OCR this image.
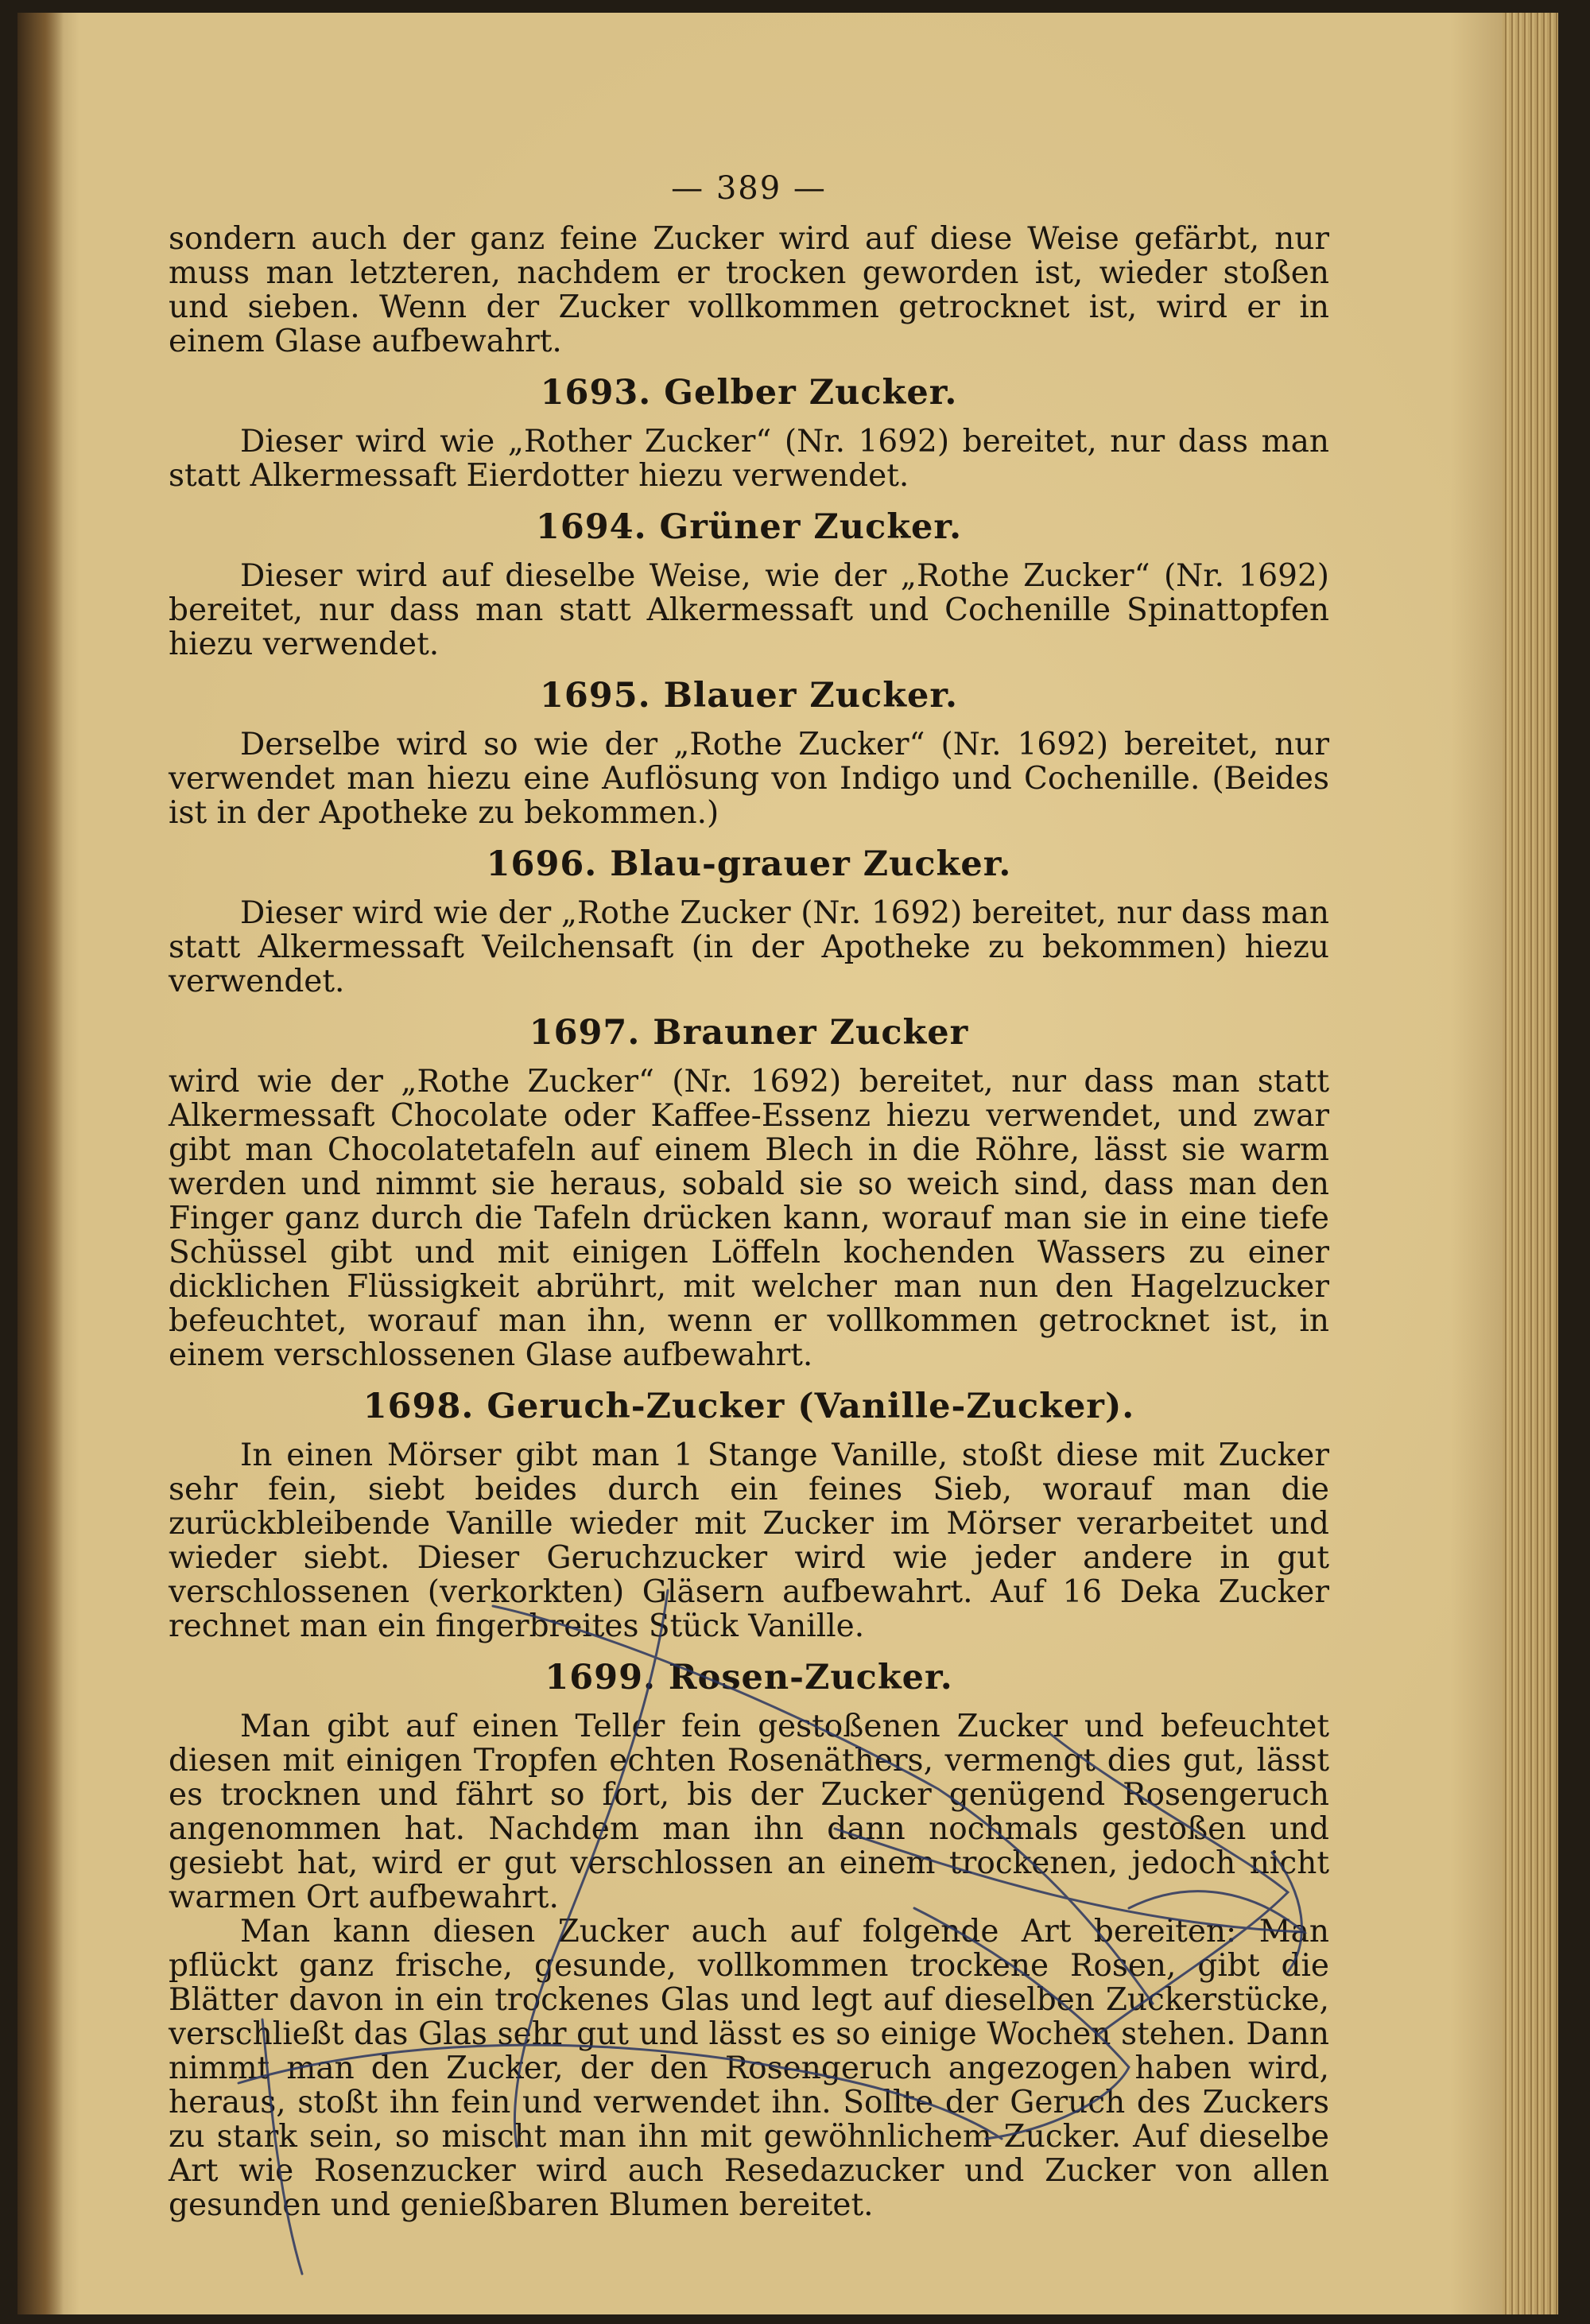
— 389 —

sondern auch der ganz feine Zucker wird auf diese Weise gefärbt, nur muss man letzteren, nachdem er trocken geworden ist, wieder stoßen und sieben. Wenn der Zucker vollkommen getrocknet ist, wird er in einem Glase aufbewahrt.

1693. Gelber Zucker.

Dieser wird wie „Rother Zucker“ (Nr. 1692) bereitet, nur dass man statt Alkermessaft Eierdotter hiezu verwendet.

1694. Grüner Zucker.

Dieser wird auf dieselbe Weise, wie der „Rothe Zucker“ (Nr. 1692) bereitet, nur dass man statt Alkermessaft und Cochenille Spinattopfen hiezu verwendet.

1695. Blauer Zucker.

Derselbe wird so wie der „Rothe Zucker“ (Nr. 1692) bereitet, nur verwendet man hiezu eine Auflösung von Indigo und Cochenille. (Beides ist in der Apotheke zu bekommen.)

1696. Blau-grauer Zucker.

Dieser wird wie der „Rothe Zucker (Nr. 1692) bereitet, nur dass man statt Alkermessaft Veilchensaft (in der Apotheke zu bekommen) hiezu verwendet.

1697. Brauner Zucker

wird wie der „Rothe Zucker“ (Nr. 1692) bereitet, nur dass man statt Alkermessaft Chocolate oder Kaffee-Essenz hiezu verwendet, und zwar gibt man Chocolatetafeln auf einem Blech in die Röhre, lässt sie warm werden und nimmt sie heraus, sobald sie so weich sind, dass man den Finger ganz durch die Tafeln drücken kann, worauf man sie in eine tiefe Schüssel gibt und mit einigen Löffeln kochenden Wassers zu einer dicklichen Flüssigkeit abrührt, mit welcher man nun den Hagelzucker befeuchtet, worauf man ihn, wenn er vollkommen getrocknet ist, in einem verschlossenen Glase aufbewahrt.

1698. Geruch-Zucker (Vanille-Zucker).

In einen Mörser gibt man 1 Stange Vanille, stoßt diese mit Zucker sehr fein, siebt beides durch ein feines Sieb, worauf man die zurückbleibende Vanille wieder mit Zucker im Mörser verarbeitet und wieder siebt. Dieser Geruchzucker wird wie jeder andere in gut verschlossenen (verkorkten) Gläsern aufbewahrt. Auf 16 Deka Zucker rechnet man ein fingerbreites Stück Vanille.

1699. Rosen-Zucker.

Man gibt auf einen Teller fein gestoßenen Zucker und befeuchtet diesen mit einigen Tropfen echten Rosenäthers, vermengt dies gut, lässt es trocknen und fährt so fort, bis der Zucker genügend Rosengeruch angenommen hat. Nachdem man ihn dann nochmals gestoßen und gesiebt hat, wird er gut verschlossen an einem trockenen, jedoch nicht warmen Ort aufbewahrt.

Man kann diesen Zucker auch auf folgende Art bereiten: Man pflückt ganz frische, gesunde, vollkommen trockene Rosen, gibt die Blätter davon in ein trockenes Glas und legt auf dieselben Zuckerstücke, verschließt das Glas sehr gut und lässt es so einige Wochen stehen. Dann nimmt man den Zucker, der den Rosengeruch angezogen haben wird, heraus, stoßt ihn fein und verwendet ihn. Sollte der Geruch des Zuckers zu stark sein, so mischt man ihn mit gewöhnlichem Zucker. Auf dieselbe Art wie Rosenzucker wird auch Resedazucker und Zucker von allen gesunden und genießbaren Blumen bereitet.
